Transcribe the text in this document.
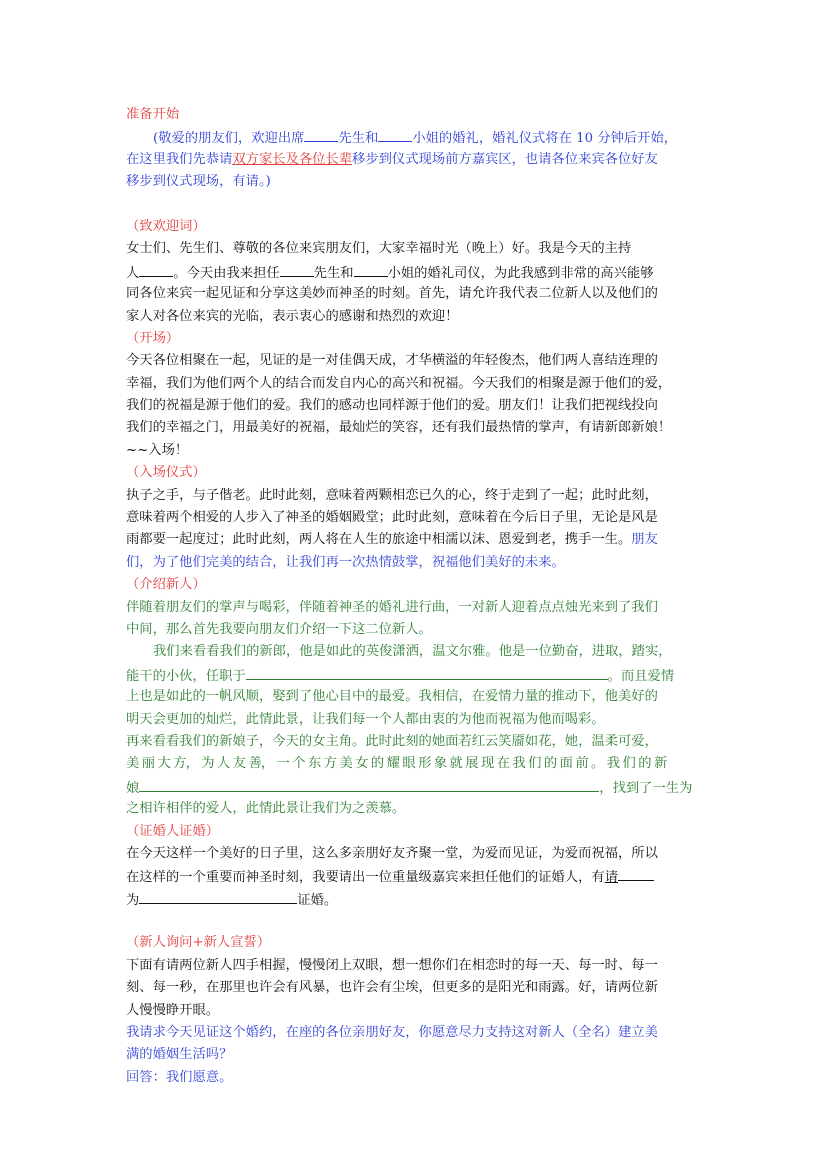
准备开始
(敬爱的朋友们，欢迎出席	先生和	小姐的婚礼，婚礼仪式将在 10 分钟后开始，
在这里我们先恭请双方家长及各位长辈移步到仪式现场前方嘉宾区，也请各位来宾各位好友
移步到仪式现场，有请。)
（致欢迎词）
女士们、先生们、尊敬的各位来宾朋友们，大家幸福时光（晚上）好。我是今天的主持
人	。今天由我来担任	先生和	小姐的婚礼司仪，为此我感到非常的高兴能够
同各位来宾一起见证和分享这美妙而神圣的时刻。首先，请允许我代表二位新人以及他们的
家人对各位来宾的光临，表示衷心的感谢和热烈的欢迎！
（开场）
今天各位相聚在一起，见证的是一对佳偶天成，才华横溢的年轻俊杰，他们两人喜结连理的
幸福，我们为他们两个人的结合而发自内心的高兴和祝福。今天我们的相聚是源于他们的爱，
我们的祝福是源于他们的爱。我们的感动也同样源于他们的爱。朋友们！让我们把视线投向
我们的幸福之门，用最美好的祝福，最灿烂的笑容，还有我们最热情的掌声，有请新郎新娘！
~~入场！
（入场仪式）
执子之手，与子偕老。此时此刻，意味着两颗相恋已久的心，终于走到了一起；此时此刻，
意味着两个相爱的人步入了神圣的婚姻殿堂；此时此刻，意味着在今后日子里，无论是风是
雨都要一起度过；此时此刻，两人将在人生的旅途中相濡以沫、恩爱到老，携手一生。朋友
们，为了他们完美的结合，让我们再一次热情鼓掌，祝福他们美好的未来。
（介绍新人）
伴随着朋友们的掌声与喝彩，伴随着神圣的婚礼进行曲，一对新人迎着点点烛光来到了我们
中间，那么首先我要向朋友们介绍一下这二位新人。
我们来看看我们的新郎，他是如此的英俊潇洒，温文尔雅。他是一位勤奋，进取，踏实，
能干的小伙，任职于	。而且爱情
上也是如此的一帆风顺，娶到了他心目中的最爱。我相信，在爱情力量的推动下，他美好的
明天会更加的灿烂，此情此景，让我们每一个人都由衷的为他而祝福为他而喝彩。
再来看看我们的新娘子，今天的女主角。此时此刻的她面若红云笑靥如花，她，温柔可爱，
美 丽 大 方， 为 人 友 善， 一 个 东 方 美 女 的 耀 眼 形 象 就 展 现 在 我 们 的 面 前 。 我 们 的 新
娘	，找到了一生为
之相许相伴的爱人，此情此景让我们为之羡慕。
（证婚人证婚）
在今天这样一个美好的日子里，这么多亲朋好友齐聚一堂，为爱而见证，为爱而祝福，所以
在这样的一个重要而神圣时刻，我要请出一位重量级嘉宾来担任他们的证婚人，有请
为	证婚。
（新人询问+新人宣誓）
下面有请两位新人四手相握，慢慢闭上双眼，想一想你们在相恋时的每一天、每一时、每一
刻、每一秒，在那里也许会有风暴，也许会有尘埃，但更多的是阳光和雨露。好，请两位新
人慢慢睁开眼。
我请求今天见证这个婚约，在座的各位亲朋好友，你愿意尽力支持这对新人（全名）建立美
满的婚姻生活吗？
回答：我们愿意。
